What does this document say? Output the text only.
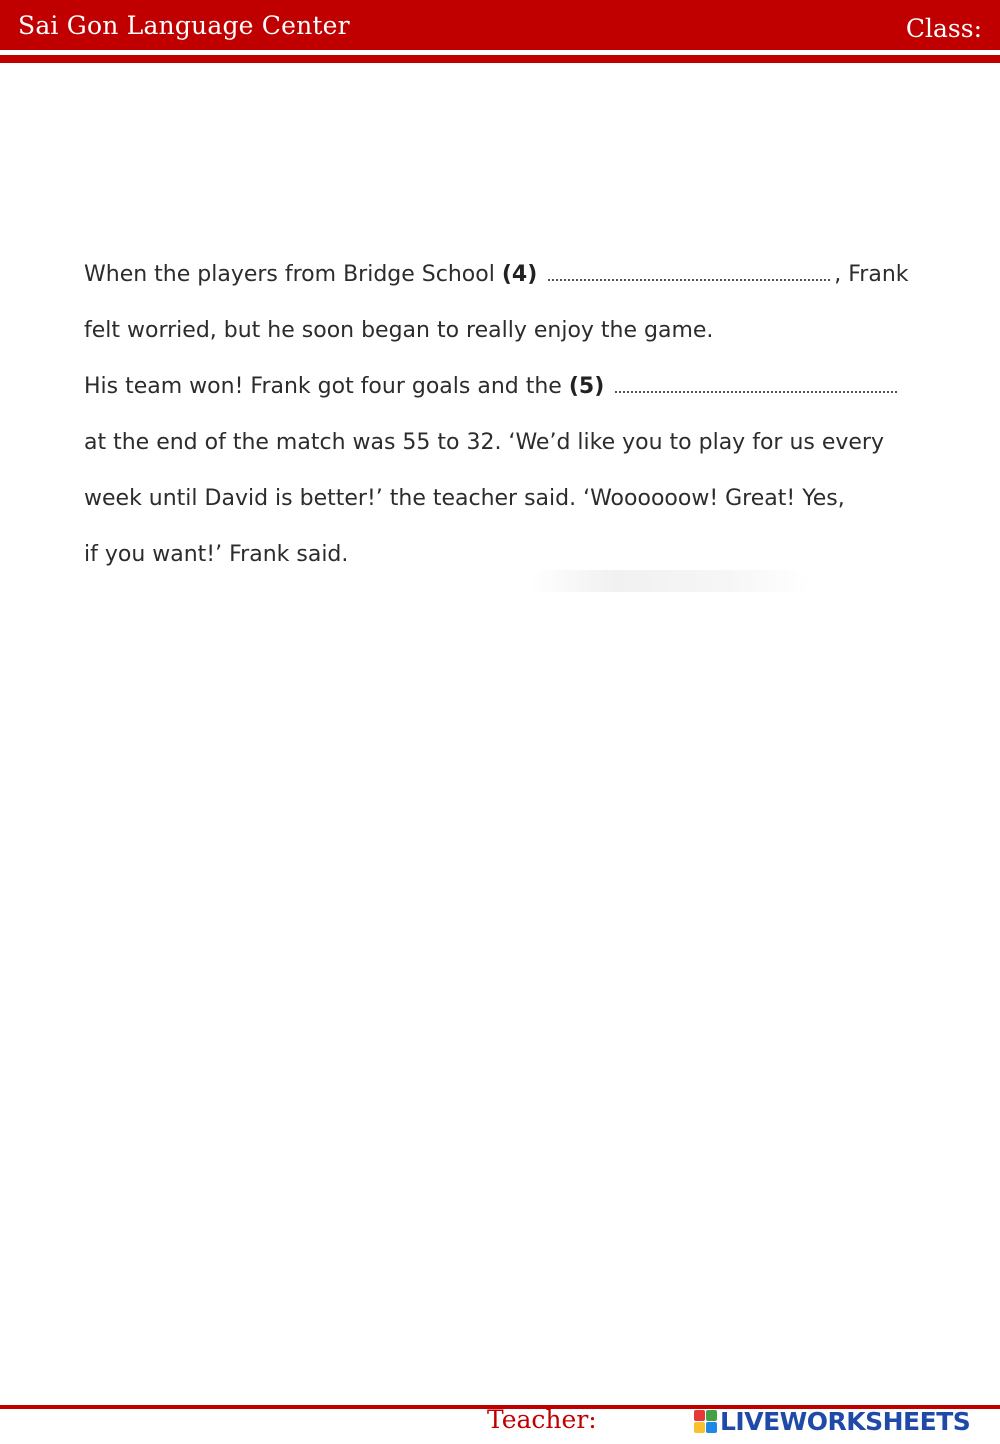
Sai Gon Language Center	Class:
When the players from Bridge School (4)	, Frank
felt worried, but he soon began to really enjoy the game.
His team won! Frank got four goals and the (5)
at the end of the match was 55 to 32. ‘We’d like you to play for us every
week until David is better!’ the teacher said. ‘Woooooow! Great! Yes,
if you want!’ Frank said.
Teacher:	LIVEWORKSHEETS
